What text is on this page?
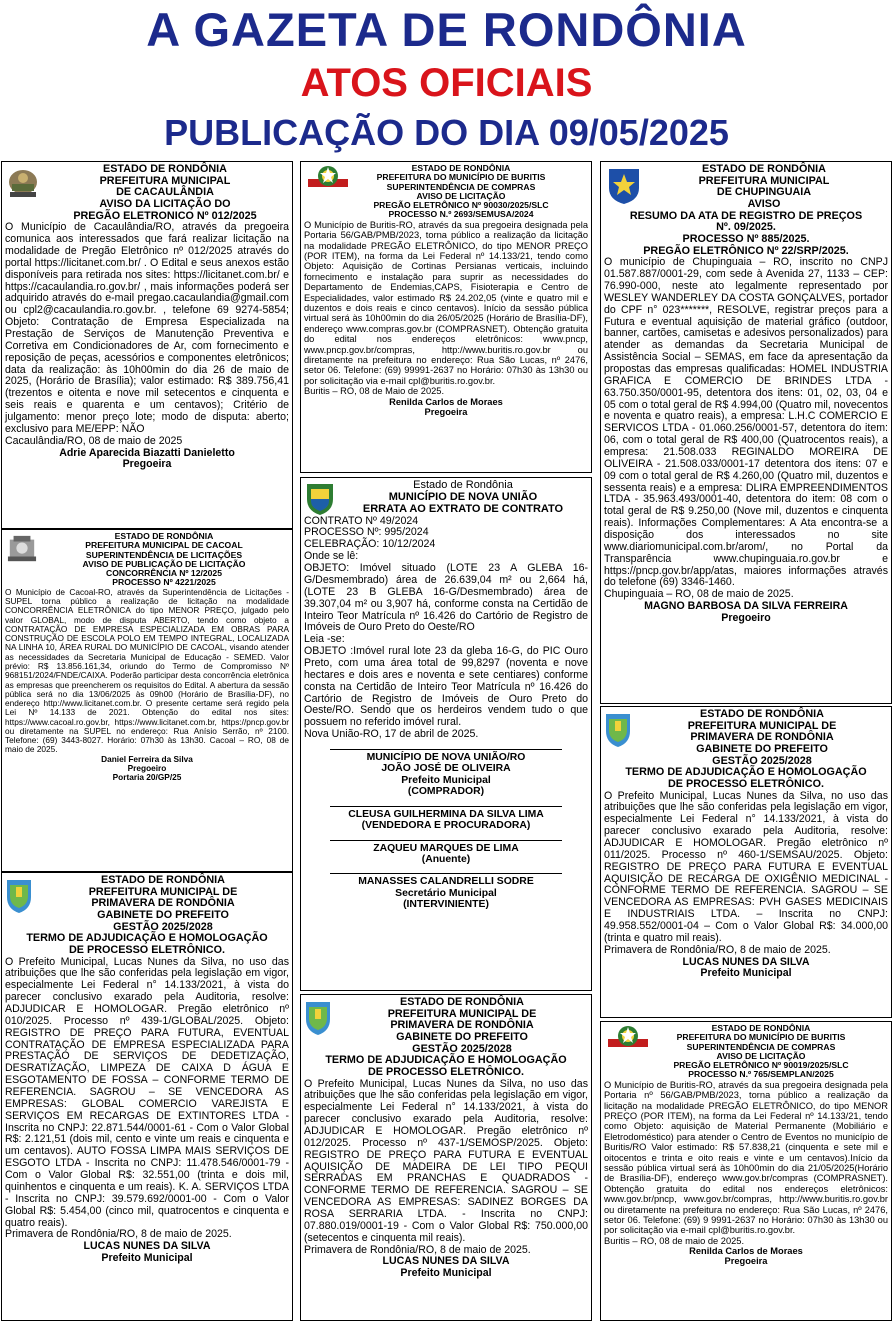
A GAZETA DE RONDÔNIA
ATOS OFICIAIS
PUBLICAÇÃO DO DIA 09/05/2025
ESTADO DE RONDÔNIA
PREFEITURA MUNICIPAL
DE CACAULÂNDIA
AVISO DA LICITAÇÃO DO
PREGÃO ELETRONICO Nº 012/2025
O Município de Cacaulândia/RO, através da pregoeira comunica aos interessados que fará realizar licitação na modalidade de Pregão Eletrônico nº 012/2025 através do portal https://licitanet.com.br/ . O Edital e seus anexos estão disponíveis para retirada nos sites: https://licitanet.com.br/ e https://cacaulandia.ro.gov.br/ , mais informações poderá ser adquirido através do e-mail pregao.cacaulandia@gmail.com ou cpl2@cacaulandia.ro.gov.br. , telefone 69 9274-5854; Objeto: Contratação de Empresa Especializada na Prestação de Serviços de Manutenção Preventiva e Corretiva em Condicionadores de Ar, com fornecimento e reposição de peças, acessórios e componentes eletrônicos; data da realização: às 10h00min do dia 26 de maio de 2025, (Horário de Brasília); valor estimado: R$ 389.756,41 (trezentos e oitenta e nove mil setecentos e cinquenta e seis reais e quarenta e um centavos); Critério de julgamento: menor preço lote; modo de disputa: aberto; exclusivo para ME/EPP: NÃO
Cacaulândia/RO, 08 de maio de 2025
Adrie Aparecida Biazatti Danieletto
Pregoeira
ESTADO DE RONDÔNIA
PREFEITURA MUNICIPAL DE CACOAL
SUPERINTENDÊNCIA DE LICITAÇÕES
AVISO DE PUBLICAÇÃO DE LICITAÇÃO
CONCORRÊNCIA Nº 12/2025
PROCESSO Nº 4221/2025
O Município de Cacoal-RO, através da Superintendência de Licitações - SUPEL torna público a realização de licitação na modalidade CONCORRÊNCIA ELETRÔNICA do tipo MENOR PREÇO, julgado pelo valor GLOBAL, modo de disputa ABERTO, tendo como objeto a CONTRATAÇÃO DE EMPRESA ESPECIALIZADA EM OBRAS PARA CONSTRUÇÃO DE ESCOLA POLO EM TEMPO INTEGRAL, LOCALIZADA NA LINHA 10, ÁREA RURAL DO MUNICÍPIO DE CACOAL, visando atender as necessidades da Secretaria Municipal de Educação - SEMED. Valor prévio: R$ 13.856.161,34, oriundo do Termo de Compromisso Nº 968151/2024/FNDE/CAIXA. Poderão participar desta concorrência eletrônica as empresas que preencherem os requisitos do Edital. A abertura da sessão pública será no dia 13/06/2025 às 09h00 (Horário de Brasília-DF), no endereço http://www.licitanet.com.br. O presente certame será regido pela Lei Nº 14.133 de 2021. Obtenção do edital nos sites: https://www.cacoal.ro.gov.br, https://www.licitanet.com.br, https://pncp.gov.br ou diretamente na SUPEL no endereço: Rua Anísio Serrão, nº 2100. Telefone: (69) 3443-8027. Horário: 07h30 às 13h30. Cacoal – RO, 08 de maio de 2025.
Daniel Ferreira da Silva
Pregoeiro
Portaria 20/GP/25
ESTADO DE RONDÔNIA
PREFEITURA MUNICIPAL DE
PRIMAVERA DE RONDÔNIA
GABINETE DO PREFEITO
GESTÃO 2025/2028
TERMO DE ADJUDICAÇÃO E HOMOLOGAÇÃO
DE PROCESSO ELETRÔNICO.
O Prefeito Municipal, Lucas Nunes da Silva, no uso das atribuições que lhe são conferidas pela legislação em vigor, especialmente Lei Federal n° 14.133/2021, à vista do parecer conclusivo exarado pela Auditoria, resolve: ADJUDICAR E HOMOLOGAR. Pregão eletrônico nº 010/2025. Processo nº 439-1/GLOBAL/2025. Objeto: REGISTRO DE PREÇO PARA FUTURA, EVENTUAL CONTRATAÇÃO DE EMPRESA ESPECIALIZADA PARA PRESTAÇÃO DE SERVIÇOS DE DEDETIZAÇÃO, DESRATIZAÇÃO, LIMPEZA DE CAIXA D ÁGUA E ESGOTAMENTO DE FOSSA – CONFORME TERMO DE REFERENCIA. SAGROU – SE VENCEDORA AS EMPRESAS: GLOBAL COMERCIO VAREJISTA E SERVIÇOS EM RECARGAS DE EXTINTORES LTDA - Inscrita no CNPJ: 22.871.544/0001-61 - Com o Valor Global R$: 2.121,51 (dois mil, cento e vinte um reais e cinquenta e um centavos). AUTO FOSSA LIMPA MAIS SERVIÇOS DE ESGOTO LTDA - Inscrita no CNPJ: 11.478.546/0001-79 - Com o Valor Global R$: 32.551,00 (trinta e dois mil, quinhentos e cinquenta e um reais). K. A. SERVIÇOS LTDA - Inscrita no CNPJ: 39.579.692/0001-00 - Com o Valor Global R$: 5.454,00 (cinco mil, quatrocentos e cinquenta e quatro reais).
Primavera de Rondônia/RO, 8 de maio de 2025.
LUCAS NUNES DA SILVA
Prefeito Municipal
ESTADO DE RONDÔNIA
PREFEITURA DO MUNICÍPIO DE BURITIS
SUPERINTENDÊNCIA DE COMPRAS
AVISO DE LICITAÇÃO
PREGÃO ELETRÔNICO Nº 90030/2025/SLC
PROCESSO N.º 2693/SEMUSA/2024
O Município de Buritis-RO, através da sua pregoeira designada pela Portaria 56/GAB/PMB/2023, torna público a realização da licitação na modalidade PREGÃO ELETRÔNICO, do tipo MENOR PREÇO (POR ITEM), na forma da Lei Federal nº 14.133/21, tendo como Objeto: Aquisição de Cortinas Persianas verticais, incluindo fornecimento e instalação para suprir as necessidades do Departamento de Endemias,CAPS, Fisioterapia e Centro de Especialidades, valor estimado R$ 24.202,05 (vinte e quatro mil e duzentos e dois reais e cinco centavos). Início da sessão pública virtual será às 10h00min do dia 26/05/2025 (Horário de Brasília-DF), endereço www.compras.gov.br (COMPRASNET). Obtenção gratuita do edital nos endereços eletrônicos: www.pncp, www.pncp.gov.br/compras, http://www.buritis.ro.gov.br ou diretamente na prefeitura no endereço: Rua São Lucas, nº 2476, setor 06. Telefone: (69) 99991-2637 no Horário: 07h30 às 13h30 ou por solicitação via e-mail cpl@buritis.ro.gov.br.
Buritis – RO, 08 de Maio de 2025.
Renilda Carlos de Moraes
Pregoeira
Estado de Rondônia
MUNICÍPIO DE NOVA UNIÃO
ERRATA AO EXTRATO DE CONTRATO
CONTRATO Nº 49/2024
PROCESSO Nº: 995/2024
CELEBRAÇÃO: 10/12/2024
Onde se lê:
OBJETO: Imóvel situado (LOTE 23 A GLEBA 16-G/Desmembrado) área de 26.639,04 m² ou 2,664 há, (LOTE 23 B GLEBA 16-G/Desmembrado) área de 39.307,04 m² ou 3,907 há, conforme consta na Certidão de Inteiro Teor Matrícula nº 16.426 do Cartório de Registro de Imóveis de Ouro Preto do Oeste/RO
Leia -se:
OBJETO :Imóvel rural lote 23 da gleba 16-G, do PIC Ouro Preto, com uma área total de 99,8297 (noventa e nove hectares e dois ares e noventa e sete centiares) conforme consta na Certidão de Inteiro Teor Matrícula nº 16.426 do Cartório de Registro de Imóveis de Ouro Preto do Oeste/RO. Sendo que os herdeiros vendem tudo o que possuem no referido imóvel rural.
Nova União-RO, 17 de abril de 2025.
MUNICÍPIO DE NOVA UNIÃO/RO
JOÃO JOSÉ DE OLIVEIRA
Prefeito Municipal
(COMPRADOR)
CLEUSA GUILHERMINA DA SILVA LIMA
(VENDEDORA E PROCURADORA)
ZAQUEU MARQUES DE LIMA
(Anuente)
MANASSES CALANDRELLI SODRE
Secretário Municipal
(INTERVINIENTE)
ESTADO DE RONDÔNIA
PREFEITURA MUNICIPAL DE
PRIMAVERA DE RONDÔNIA
GABINETE DO PREFEITO
GESTÃO 2025/2028
TERMO DE ADJUDICAÇÃO E HOMOLOGAÇÃO
DE PROCESSO ELETRÔNICO.
O Prefeito Municipal, Lucas Nunes da Silva, no uso das atribuições que lhe são conferidas pela legislação em vigor, especialmente Lei Federal n° 14.133/2021, à vista do parecer conclusivo exarado pela Auditoria, resolve: ADJUDICAR E HOMOLOGAR. Pregão eletrônico nº 012/2025. Processo nº 437-1/SEMOSP/2025. Objeto: REGISTRO DE PREÇO PARA FUTURA E EVENTUAL AQUISIÇÃO DE MADEIRA DE LEI TIPO PEQUI SERRADAS EM PRANCHAS E QUADRADOS - CONFORME TERMO DE REFERENCIA. SAGROU – SE VENCEDORA AS EMPRESAS: SADINEZ BORGES DA ROSA SERRARIA LTDA. - Inscrita no CNPJ: 07.880.019/0001-19 - Com o Valor Global R$: 750.000,00 (setecentos e cinquenta mil reais).
Primavera de Rondônia/RO, 8 de maio de 2025.
LUCAS NUNES DA SILVA
Prefeito Municipal
ESTADO DE RONDÔNIA
PREFEITURA MUNICIPAL
DE CHUPINGUAIA
AVISO
RESUMO DA ATA DE REGISTRO DE PREÇOS
Nº. 09/2025.
PROCESSO Nº 885/2025.
PREGÃO ELETRÔNICO Nº 22/SRP/2025.
O município de Chupinguaia – RO, inscrito no CNPJ 01.587.887/0001-29, com sede à Avenida 27, 1133 – CEP: 76.990-000, neste ato legalmente representado por WESLEY WANDERLEY DA COSTA GONÇALVES, portador do CPF n° 023*******, RESOLVE, registrar preços para a Futura e eventual aquisição de material gráfico (outdoor, banner, cartões, camisetas e adesivos personalizados) para atender as demandas da Secretaria Municipal de Assistência Social – SEMAS, em face da apresentação da propostas das empresas qualificadas: HOMEL INDUSTRIA GRAFICA E COMERCIO DE BRINDES LTDA - 63.750.350/0001-95, detentora dos itens: 01, 02, 03, 04 e 05 com o total geral de R$ 4.994,00 (Quatro mil, novecentos e noventa e quatro reais), a empresa: L.H.C COMERCIO E SERVICOS LTDA - 01.060.256/0001-57, detentora do item: 06, com o total geral de R$ 400,00 (Quatrocentos reais), a empresa: 21.508.033 REGINALDO MOREIRA DE OLIVEIRA - 21.508.033/0001-17 detentora dos itens: 07 e 09 com o total geral de R$ 4.260,00 (Quatro mil, duzentos e sessenta reais) e a empresa: DLIRA EMPREENDIMENTOS LTDA - 35.963.493/0001-40, detentora do item: 08 com o total geral de R$ 9.250,00 (Nove mil, duzentos e cinquenta reais). Informações Complementares: A Ata encontra-se a disposição dos interessados no site www.diariomunicipal.com.br/arom/, no Portal da Transparência www.chupinguaia.ro.gov.br e https://pncp.gov.br/app/atas, maiores informações através do telefone (69) 3346-1460.
Chupinguaia – RO, 08 de maio de 2025.
MAGNO BARBOSA DA SILVA FERREIRA
Pregoeiro
ESTADO DE RONDÔNIA
PREFEITURA MUNICIPAL DE
PRIMAVERA DE RONDÔNIA
GABINETE DO PREFEITO
GESTÃO 2025/2028
TERMO DE ADJUDICAÇÃO E HOMOLOGAÇÃO
DE PROCESSO ELETRÔNICO.
O Prefeito Municipal, Lucas Nunes da Silva, no uso das atribuições que lhe são conferidas pela legislação em vigor, especialmente Lei Federal n° 14.133/2021, à vista do parecer conclusivo exarado pela Auditoria, resolve: ADJUDICAR E HOMOLOGAR. Pregão eletrônico nº 011/2025. Processo nº 460-1/SEMSAU/2025. Objeto: REGISTRO DE PREÇO PARA FUTURA E EVENTUAL AQUISIÇÃO DE RECARGA DE OXIGÊNIO MEDICINAL - CONFORME TERMO DE REFERENCIA. SAGROU – SE VENCEDORA AS EMPRESAS: PVH GASES MEDICINAIS E INDUSTRIAIS LTDA. – Inscrita no CNPJ: 49.958.552/0001-04 – Com o Valor Global R$: 34.000,00 (trinta e quatro mil reais).
Primavera de Rondônia/RO, 8 de maio de 2025.
LUCAS NUNES DA SILVA
Prefeito Municipal
ESTADO DE RONDÔNIA
PREFEITURA DO MUNICÍPIO DE BURITIS
SUPERINTENDÊNCIA DE COMPRAS
AVISO DE LICITAÇÃO
PREGÃO ELETRÔNICO Nº 90019/2025/SLC
PROCESSO N.º 765/SEMPLAN/2025
O Município de Buritis-RO, através da sua pregoeira designada pela Portaria nº 56/GAB/PMB/2023, torna público a realização da licitação na modalidade PREGÃO ELETRÔNICO, do tipo MENOR PREÇO (POR ITEM), na forma da Lei Federal nº 14.133/21, tendo como Objeto: aquisição de Material Permanente (Mobiliário e Eletrodoméstico) para atender o Centro de Eventos no município de Buritis/RO Valor estimado: R$ 57.838,21 (cinquenta e sete mil e oitocentos e trinta e oito reais e vinte e um centavos).Início da sessão pública virtual será às 10h00min do dia 21/05/2025(Horário de Brasília-DF), endereço www.gov.br/compras (COMPRASNET). Obtenção gratuita do edital nos endereços eletrônicos: www.gov.br/pncp, www.gov.br/compras, http://www.buritis.ro.gov.br ou diretamente na prefeitura no endereço: Rua São Lucas, nº 2476, setor 06. Telefone: (69) 9 9991-2637 no Horário: 07h30 às 13h30 ou por solicitação via e-mail cpl@buritis.ro.gov.br.
Buritis – RO, 08 de maio de 2025.
Renilda Carlos de Moraes
Pregoeira
